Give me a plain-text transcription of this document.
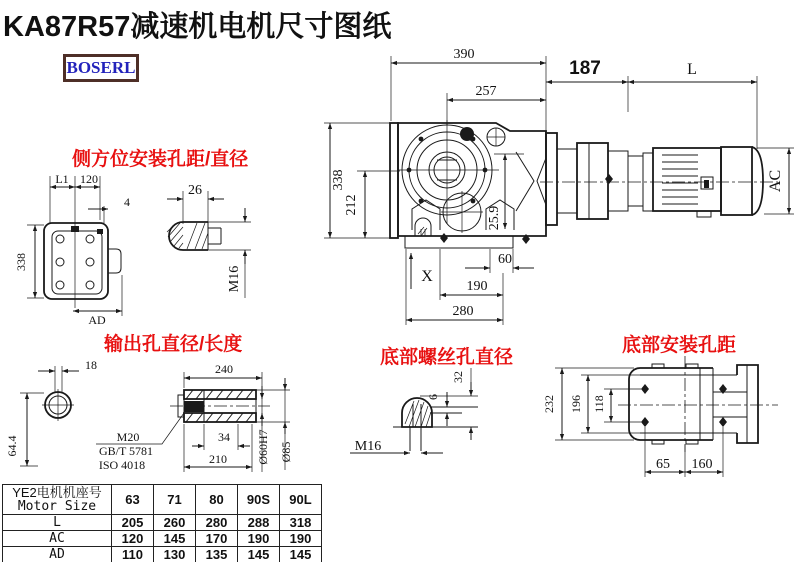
KA87R57减速机电机尺寸图纸
BOSERL
侧方位安装孔距/直径
输出孔直径/长度
底部螺丝孔直径
底部安装孔距
L1 120
4
338
AD
26
M16
390
257
187	L
AC
338
212
25.9
X
60
190
280
18
64.4
240
M20
GB/T 5781
ISO 4018
34
210 Ø60H7 Ø85	M16
6
32
232 196 118
65 160
YE2电机机座号
Motor Size	63	71	80	90S	90L
L	205	260	280	288	318
AC	120	145	170	190	190
AD	110	130	135	145	145
